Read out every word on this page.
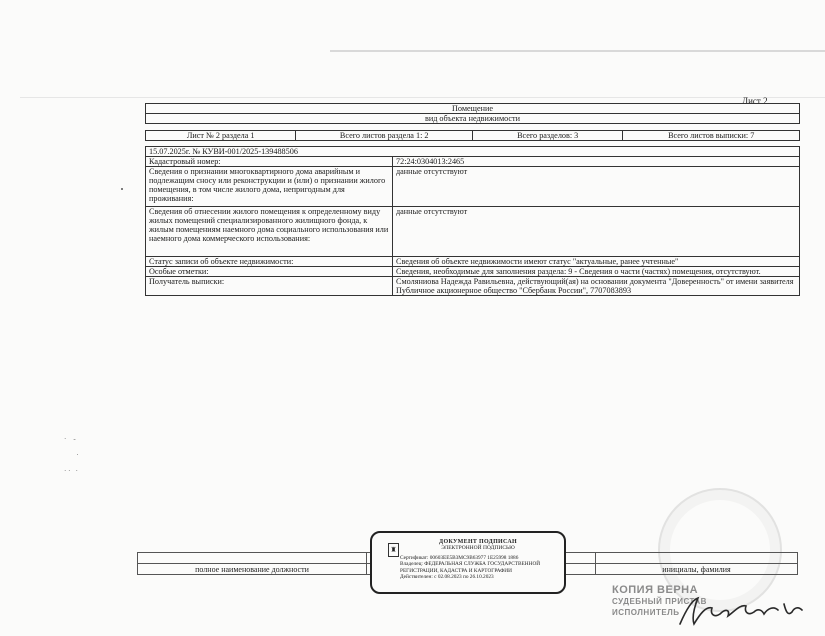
Лист 2
Помещение
вид объекта недвижимости
Лист № 2 раздела 1	Всего листов раздела 1: 2	Всего разделов: 3	Всего листов выписки: 7
15.07.2025г. № КУВИ-001/2025-139488506	
Кадастровый номер:	72:24:0304013:2465
Сведения о признании многоквартирного дома аварийным и подлежащим сносу или реконструкции и (или) о признании жилого помещения, в том числе жилого дома, непригодным для проживания:	данные отсутствуют
Сведения об отнесении жилого помещения к определенному виду жилых помещений специализированного жилищного фонда, к жилым помещениям наемного дома социального использования или наемного дома коммерческого использования:	данные отсутствуют
Статус записи об объекте недвижимости:	Сведения об объекте недвижимости имеют статус "актуальные, ранее учтенные"
Особые отметки:	Сведения, необходимые для заполнения раздела: 9 - Сведения о части (частях) помещения, отсутствуют.
Получатель выписки:	Смоляниова Надежда Равильевна, действующий(ая) на основании документа "Доверенность" от имени заявителя Публичное акционерное общество "Сбербанк России", 7707083893
·    -

·

· ·   ·

полное наименование должности		инициалы, фамилия
♜
ДОКУМЕНТ ПОДПИСАН
ЭЛЕКТРОННОЙ ПОДПИСЬЮ
Сертификат: 00603EE5B3MC9B63977 1E25998 1886
Владелец: ФЕДЕРАЛЬНАЯ СЛУЖБА ГОСУДАРСТВЕННОЙ
РЕГИСТРАЦИИ, КАДАСТРА И КАРТОГРАФИИ
Действителен: с 02.08.2023 по 26.10.2023
КОПИЯ ВЕРНА
СУДЕБНЫЙ ПРИСТАВ
ИСПОЛНИТЕЛЬ
